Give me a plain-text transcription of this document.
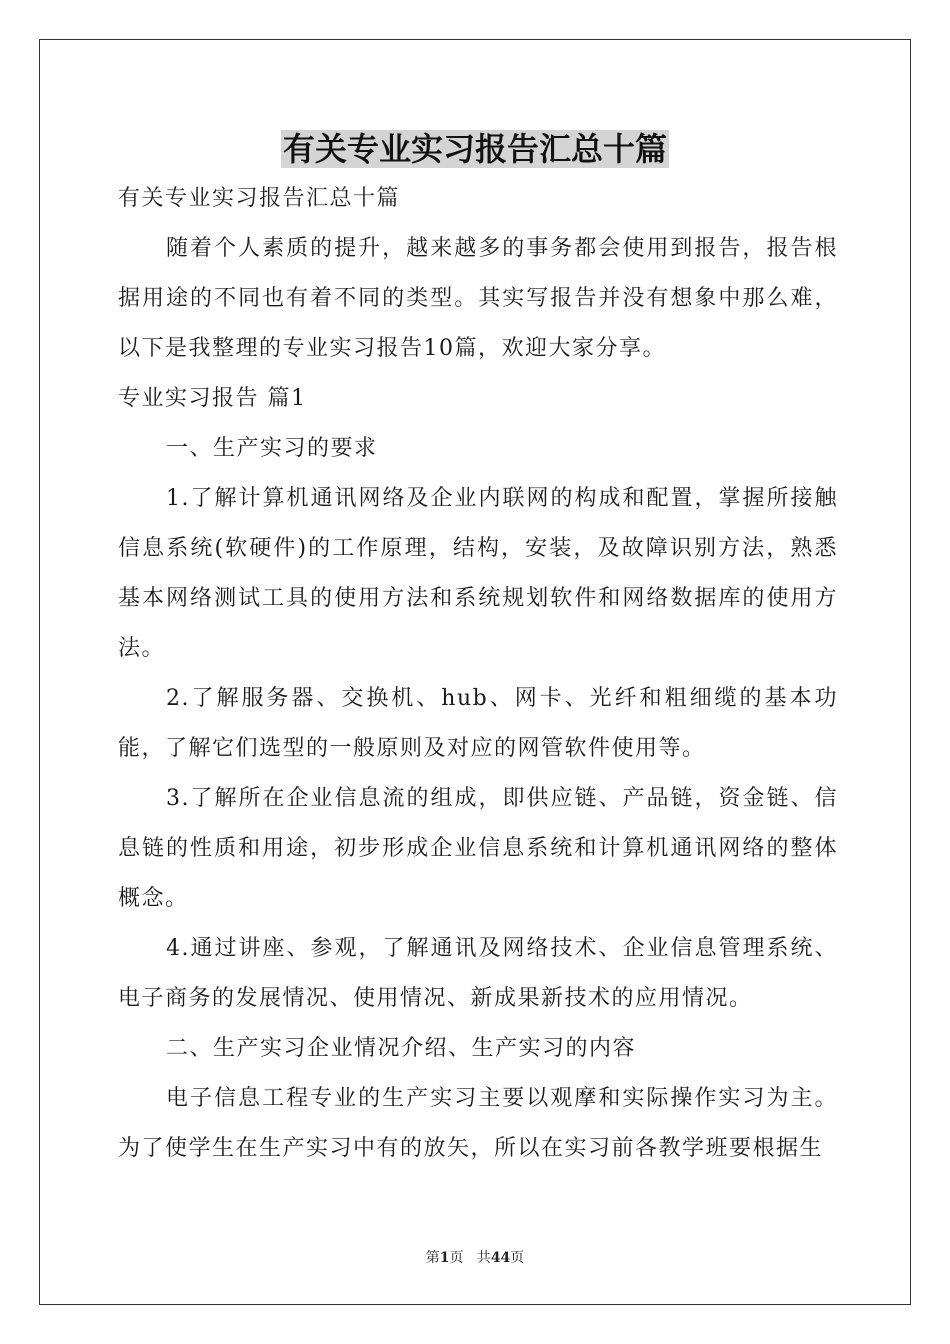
有关专业实习报告汇总十篇

有关专业实习报告汇总十篇

随着个人素质的提升，越来越多的事务都会使用到报告，报告根据用途的不同也有着不同的类型。其实写报告并没有想象中那么难，以下是我整理的专业实习报告10篇，欢迎大家分享。

专业实习报告 篇1

一、生产实习的要求

1.了解计算机通讯网络及企业内联网的构成和配置，掌握所接触信息系统(软硬件)的工作原理，结构，安装，及故障识别方法，熟悉基本网络测试工具的使用方法和系统规划软件和网络数据库的使用方法。

2.了解服务器、交换机、hub、网卡、光纤和粗细缆的基本功能，了解它们选型的一般原则及对应的网管软件使用等。

3.了解所在企业信息流的组成，即供应链、产品链，资金链、信息链的性质和用途，初步形成企业信息系统和计算机通讯网络的整体概念。

4.通过讲座、参观，了解通讯及网络技术、企业信息管理系统、电子商务的发展情况、使用情况、新成果新技术的应用情况。

二、生产实习企业情况介绍、生产实习的内容

电子信息工程专业的生产实习主要以观摩和实际操作实习为主。为了使学生在生产实习中有的放矢，所以在实习前各教学班要根据生

第1页 共44页
